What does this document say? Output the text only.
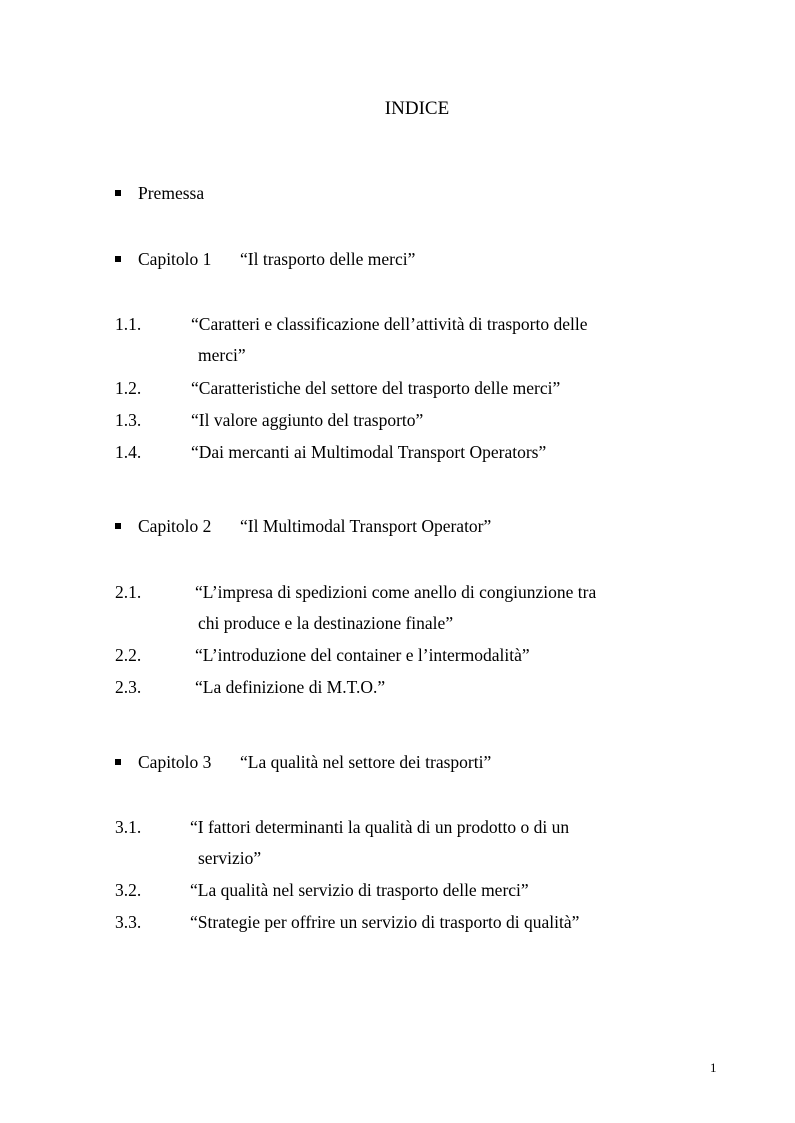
INDICE
Premessa
Capitolo 1 “Il trasporto delle merci”
1.1.	“Caratteri e classificazione dell’attività di trasporto delle
merci”
1.2.	“Caratteristiche del settore del trasporto delle merci”
1.3.	“Il valore aggiunto del trasporto”
1.4.	“Dai mercanti ai Multimodal Transport Operators”
Capitolo 2 “Il Multimodal Transport Operator”
2.1.	“L’impresa di spedizioni come anello di congiunzione tra
chi produce e la destinazione finale”
2.2.	“L’introduzione del container e l’intermodalità”
2.3.	“La definizione di M.T.O.”
Capitolo 3 “La qualità nel settore dei trasporti”
3.1.	“I fattori determinanti la qualità di un prodotto o di un
servizio”
3.2.	“La qualità nel servizio di trasporto delle merci”
3.3.	“Strategie per offrire un servizio di trasporto di qualità”
1
